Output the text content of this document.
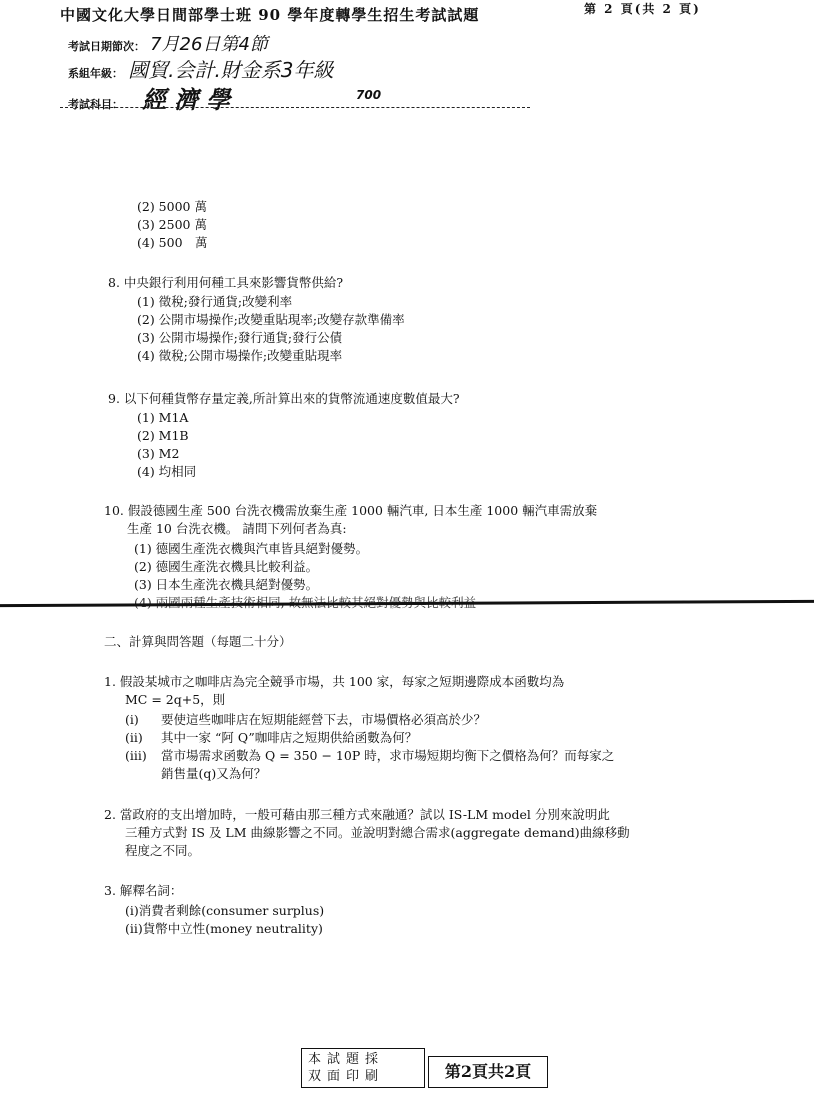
中國文化大學日間部學士班 90 學年度轉學生招生考試試題	第 2 頁(共 2 頁)
考試日期節次： 7月26日第4節
系組年級： 國貿.会計.財金系3年級
考試科目： 經濟學	700
(2) 5000 萬
(3) 2500 萬
(4) 500　萬
8. 中央銀行利用何種工具來影響貨幣供給?
(1) 徵稅;發行通貨;改變利率
(2) 公開市場操作;改變重貼現率;改變存款準備率
(3) 公開市場操作;發行通貨;發行公債
(4) 徵稅;公開市場操作;改變重貼現率
9. 以下何種貨幣存量定義,所計算出來的貨幣流通速度數值最大?
(1) M1A
(2) M1B
(3) M2
(4) 均相同
10. 假設德國生產 500 台洗衣機需放棄生產 1000 輛汽車, 日本生產 1000 輛汽車需放棄
生產 10 台洗衣機。 請問下列何者為真:
(1) 德國生產洗衣機與汽車皆具絕對優勢。
(2) 德國生產洗衣機具比較利益。
(3) 日本生產洗衣機具絕對優勢。
(4) 兩國兩種生產技術相同, 故無法比較其絕對優勢與比較利益
二、計算與問答題（每題二十分）
1. 假設某城市之咖啡店為完全競爭市場，共 100 家，每家之短期邊際成本函數均為
MC = 2q+5，則
(i) 要使這些咖啡店在短期能經營下去，市場價格必須高於少？
(ii) 其中一家 “阿 Q”咖啡店之短期供給函數為何？
(iii) 當市場需求函數為 Q = 350 − 10P 時，求市場短期均衡下之價格為何？而每家之
銷售量(q)又為何？
2. 當政府的支出增加時，一般可藉由那三種方式來融通？試以 IS-LM model 分別來說明此
三種方式對 IS 及 LM 曲線影響之不同。並說明對總合需求(aggregate demand)曲線移動
程度之不同。
3. 解釋名詞：
(i)消費者剩餘(consumer surplus)
(ii)貨幣中立性(money neutrality)
本試題採
双面印刷	第2頁共2頁
